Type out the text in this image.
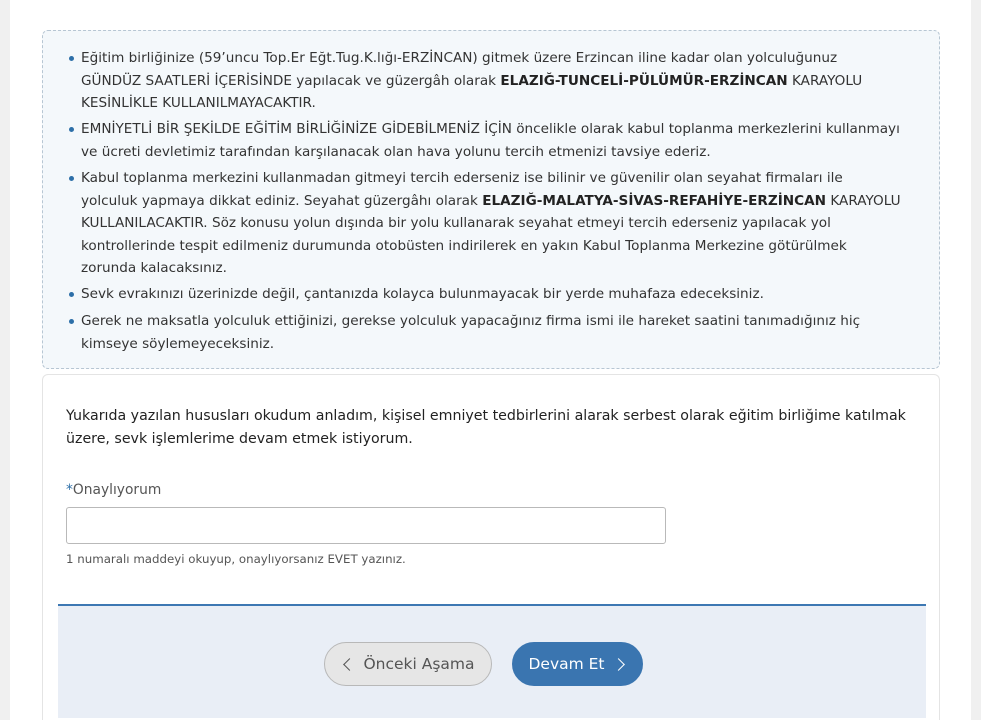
Eğitim birliğinize (59’uncu Top.Er Eğt.Tug.K.lığı-ERZİNCAN) gitmek üzere Erzincan iline kadar olan yolculuğunuz GÜNDÜZ SAATLERİ İÇERİSİNDE yapılacak ve güzergâh olarak ELAZIĞ-TUNCELİ-PÜLÜMÜR-ERZİNCAN KARAYOLU KESİNLİKLE KULLANILMAYACAKTIR.
EMNİYETLİ BİR ŞEKİLDE EĞİTİM BİRLİĞİNİZE GİDEBİLMENİZ İÇİN öncelikle olarak kabul toplanma merkezlerini kullanmayı ve ücreti devletimiz tarafından karşılanacak olan hava yolunu tercih etmenizi tavsiye ederiz.
Kabul toplanma merkezini kullanmadan gitmeyi tercih ederseniz ise bilinir ve güvenilir olan seyahat firmaları ile yolculuk yapmaya dikkat ediniz. Seyahat güzergâhı olarak ELAZIĞ-MALATYA-SİVAS-REFAHİYE-ERZİNCAN KARAYOLU KULLANILACAKTIR. Söz konusu yolun dışında bir yolu kullanarak seyahat etmeyi tercih ederseniz yapılacak yol kontrollerinde tespit edilmeniz durumunda otobüsten indirilerek en yakın Kabul Toplanma Merkezine götürülmek zorunda kalacaksınız.
Sevk evrakınızı üzerinizde değil, çantanızda kolayca bulunmayacak bir yerde muhafaza edeceksiniz.
Gerek ne maksatla yolculuk ettiğinizi, gerekse yolculuk yapacağınız firma ismi ile hareket saatini tanımadığınız hiç kimseye söylemeyeceksiniz.
Yukarıda yazılan hususları okudum anladım, kişisel emniyet tedbirlerini alarak serbest olarak eğitim birliğime katılmak üzere, sevk işlemlerime devam etmek istiyorum.
*Onaylıyorum
1 numaralı maddeyi okuyup, onaylıyorsanız EVET yazınız.
Önceki Aşama	Devam Et
